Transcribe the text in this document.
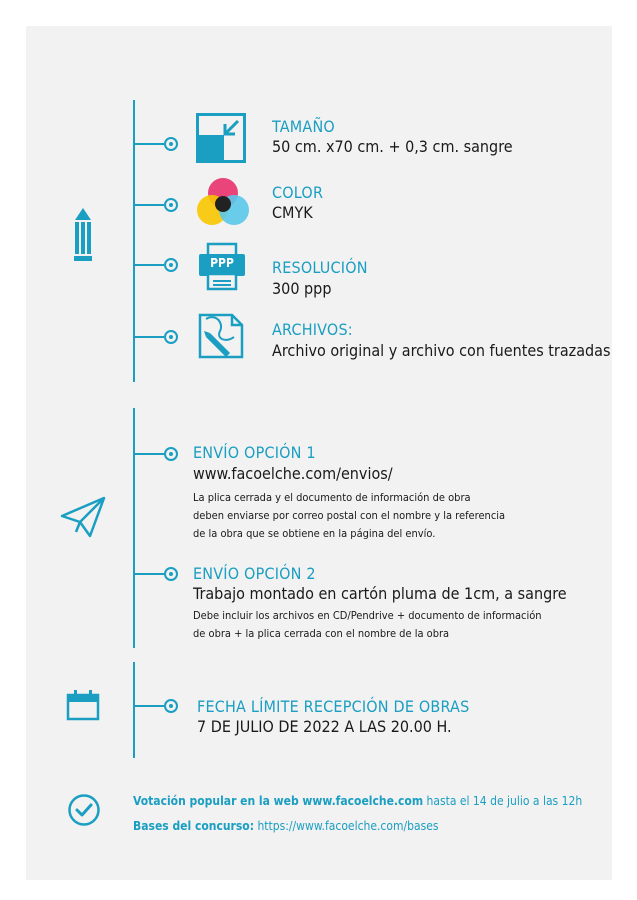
TAMAÑO
50 cm. x70 cm. + 0,3 cm. sangre
COLOR
CMYK
PPP	RESOLUCIÓN
300 ppp
ARCHIVOS:
Archivo original y archivo con fuentes trazadas
ENVÍO OPCIÓN 1
www.facoelche.com/envios/
La plica cerrada y el documento de información de obra
deben enviarse por correo postal con el nombre y la referencia
de la obra que se obtiene en la página del envío.
ENVÍO OPCIÓN 2
Trabajo montado en cartón pluma de 1cm, a sangre
Debe incluir los archivos en CD/Pendrive + documento de información
de obra + la plica cerrada con el nombre de la obra
FECHA LÍMITE RECEPCIÓN DE OBRAS
7 DE JULIO DE 2022 A LAS 20.00 H.
Votación popular en la web www.facoelche.com hasta el 14 de julio a las 12h
Bases del concurso: https://www.facoelche.com/bases
